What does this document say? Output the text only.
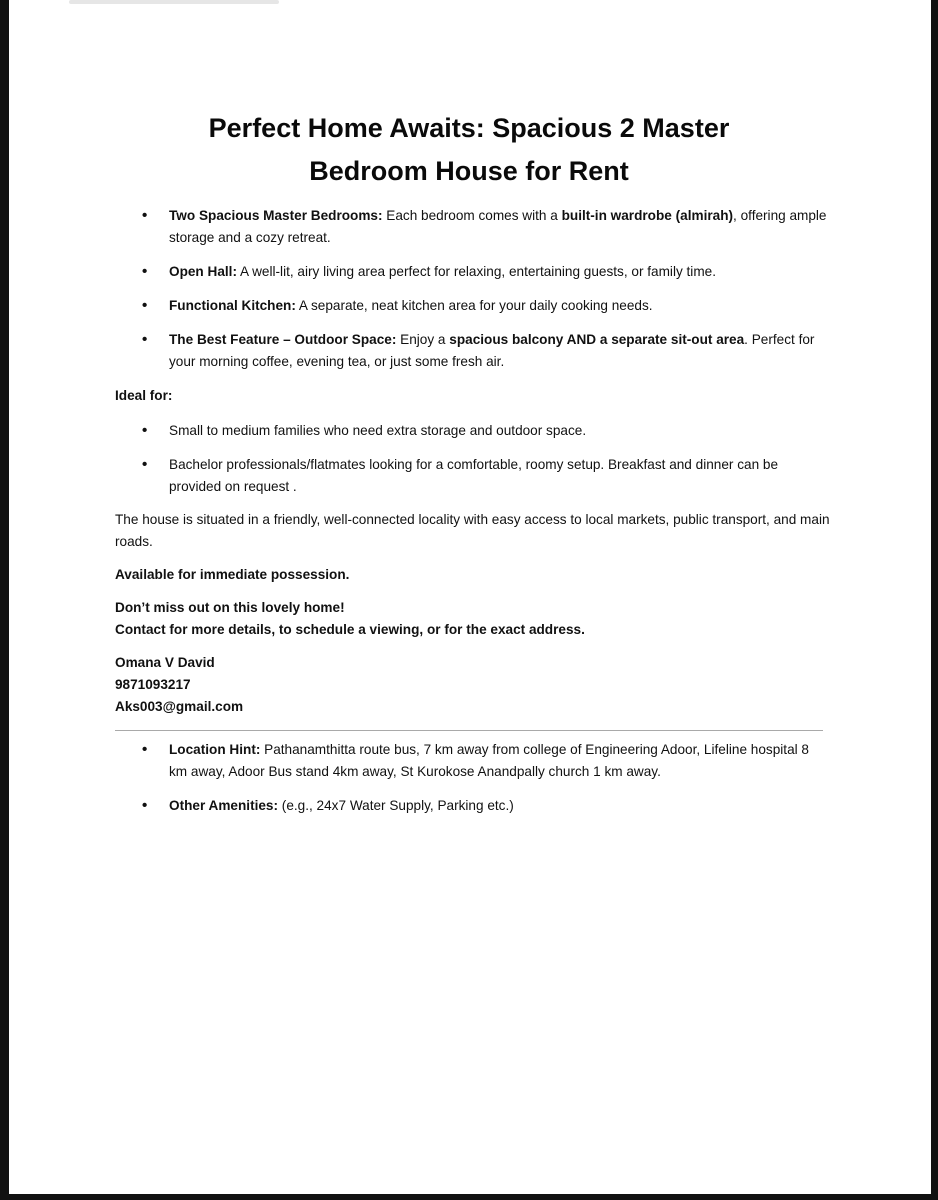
Perfect Home Awaits: Spacious 2 Master
Bedroom House for Rent
• Two Spacious Master Bedrooms: Each bedroom comes with a built-in wardrobe (almirah), offering ample storage and a cozy retreat.
• Open Hall: A well-lit, airy living area perfect for relaxing, entertaining guests, or family time.
• Functional Kitchen: A separate, neat kitchen area for your daily cooking needs.
• The Best Feature – Outdoor Space: Enjoy a spacious balcony AND a separate sit-out area. Perfect for your morning coffee, evening tea, or just some fresh air.
Ideal for:
• Small to medium families who need extra storage and outdoor space.
• Bachelor professionals/flatmates looking for a comfortable, roomy setup. Breakfast and dinner can be provided on request .
The house is situated in a friendly, well-connected locality with easy access to local markets, public transport, and main roads.
Available for immediate possession.
Don’t miss out on this lovely home!
Contact for more details, to schedule a viewing, or for the exact address.
Omana V David
9871093217
Aks003@gmail.com
• Location Hint: Pathanamthitta route bus, 7 km away from college of Engineering Adoor, Lifeline hospital 8 km away, Adoor Bus stand 4km away, St Kurokose Anandpally church 1 km away.
• Other Amenities: (e.g., 24x7 Water Supply, Parking etc.)
